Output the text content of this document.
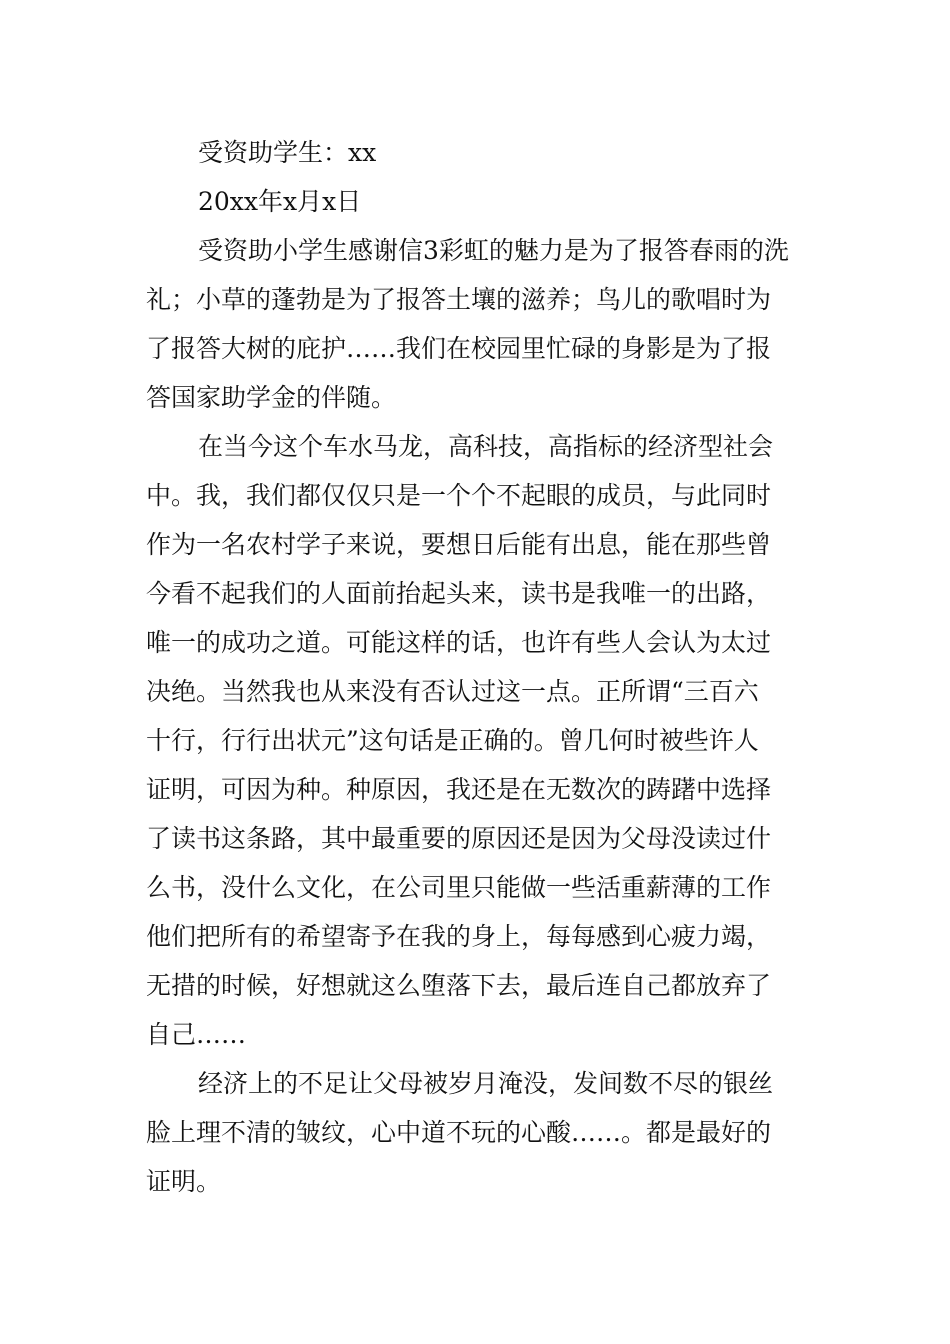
受资助学生：xx
20xx年x月x日
受资助小学生感谢信3彩虹的魅力是为了报答春雨的洗
礼；小草的蓬勃是为了报答土壤的滋养；鸟儿的歌唱时为
了报答大树的庇护……我们在校园里忙碌的身影是为了报
答国家助学金的伴随。
在当今这个车水马龙，高科技，高指标的经济型社会
中。我，我们都仅仅只是一个个不起眼的成员，与此同时
作为一名农村学子来说，要想日后能有出息，能在那些曾
今看不起我们的人面前抬起头来，读书是我唯一的出路，
唯一的成功之道。可能这样的话，也许有些人会认为太过
决绝。当然我也从来没有否认过这一点。正所谓“三百六
十行，行行出状元”这句话是正确的。曾几何时被些许人
证明，可因为种。种原因，我还是在无数次的踌躇中选择
了读书这条路，其中最重要的原因还是因为父母没读过什
么书，没什么文化，在公司里只能做一些活重薪薄的工作
他们把所有的希望寄予在我的身上，每每感到心疲力竭，
无措的时候，好想就这么堕落下去，最后连自己都放弃了
自己……
经济上的不足让父母被岁月淹没，发间数不尽的银丝
脸上理不清的皱纹，心中道不玩的心酸……。都是最好的
证明。
